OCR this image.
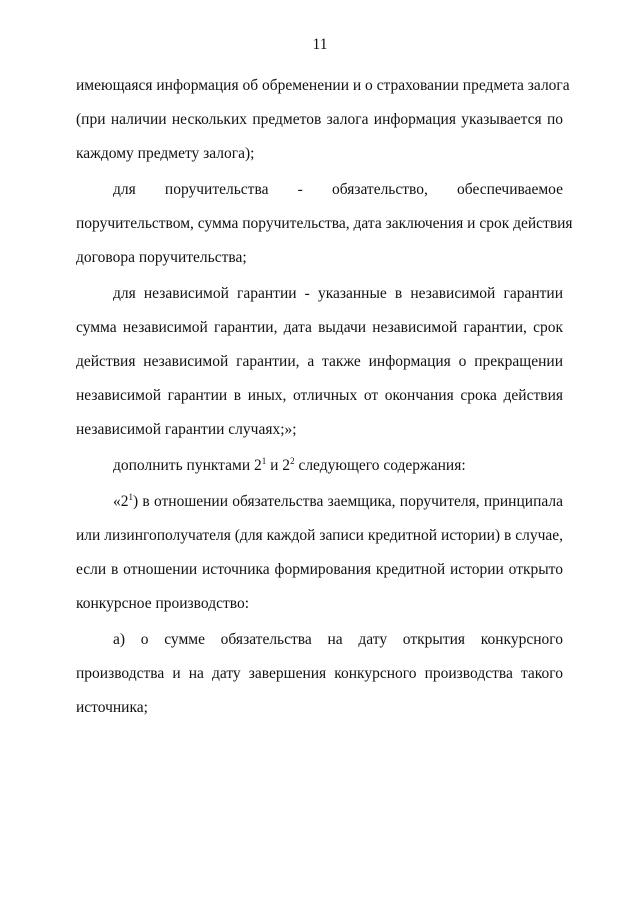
11
имеющаяся информация об обременении и о страховании предмета залога
(при наличии нескольких предметов залога информация указывается по
каждому предмету залога);
для поручительства - обязательство, обеспечиваемое
поручительством, сумма поручительства, дата заключения и срок действия
договора поручительства;
для независимой гарантии - указанные в независимой гарантии
сумма независимой гарантии, дата выдачи независимой гарантии, срок
действия независимой гарантии, а также информация о прекращении
независимой гарантии в иных, отличных от окончания срока действия
независимой гарантии случаях;»;
дополнить пунктами $2^1$ и $2^2$ следующего содержания:
«$2^1$) в отношении обязательства заемщика, поручителя, принципала
или лизингополучателя (для каждой записи кредитной истории) в случае,
если в отношении источника формирования кредитной истории открыто
конкурсное производство:
а) о сумме обязательства на дату открытия конкурсного
производства и на дату завершения конкурсного производства такого
источника;
